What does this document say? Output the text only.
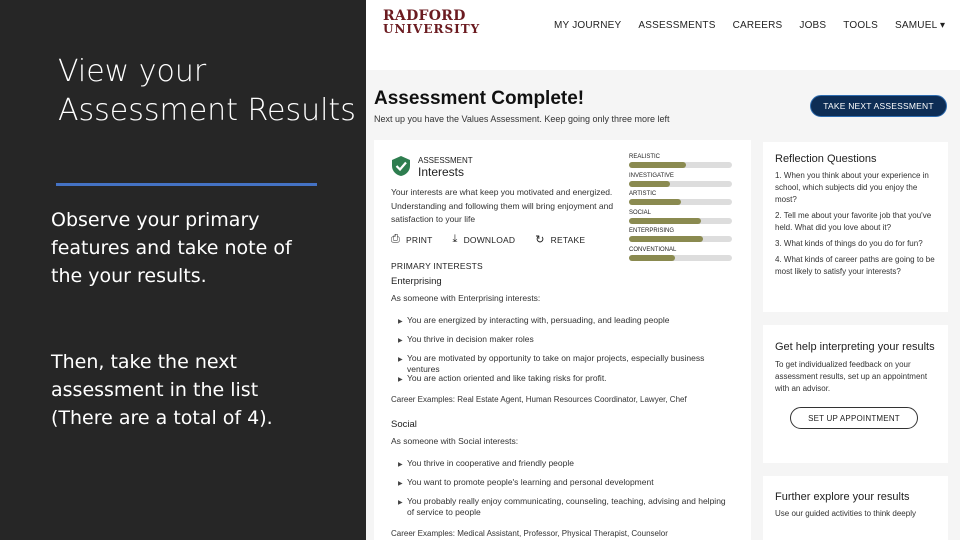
View your Assessment Results
Observe your primary features and take note of the your results.
Then, take the next assessment in the list (There are a total of 4).
RADFORD
UNIVERSITY	MY JOURNEY ASSESSMENTS CAREERS JOBS TOOLS SAMUEL ▾
Assessment Complete!
Next up you have the Values Assessment. Keep going only three more left
TAKE NEXT ASSESSMENT
ASSESSMENT
Interests
Your interests are what keep you motivated and energized. Understanding and following them will bring enjoyment and satisfaction to your life
⎙ PRINT ⤓ DOWNLOAD ↻ RETAKE
REALISTIC
INVESTIGATIVE
ARTISTIC
SOCIAL
ENTERPRISING
CONVENTIONAL
PRIMARY INTERESTS
Enterprising
As someone with Enterprising interests:
▶ You are energized by interacting with, persuading, and leading people
▶ You thrive in decision maker roles
▶ You are motivated by opportunity to take on major projects, especially business ventures
▶ You are action oriented and like taking risks for profit.
Career Examples: Real Estate Agent, Human Resources Coordinator, Lawyer, Chef
Social
As someone with Social interests:
▶ You thrive in cooperative and friendly people
▶ You want to promote people's learning and personal development
▶ You probably really enjoy communicating, counseling, teaching, advising and helping of service to people
Career Examples: Medical Assistant, Professor, Physical Therapist, Counselor
Reflection Questions
1. When you think about your experience in school, which subjects did you enjoy the most?
2. Tell me about your favorite job that you've held. What did you love about it?
3. What kinds of things do you do for fun?
4. What kinds of career paths are going to be most likely to satisfy your interests?
Get help interpreting your results
To get individualized feedback on your assessment results, set up an appointment with an advisor.
SET UP APPOINTMENT
Further explore your results
Use our guided activities to think deeply
